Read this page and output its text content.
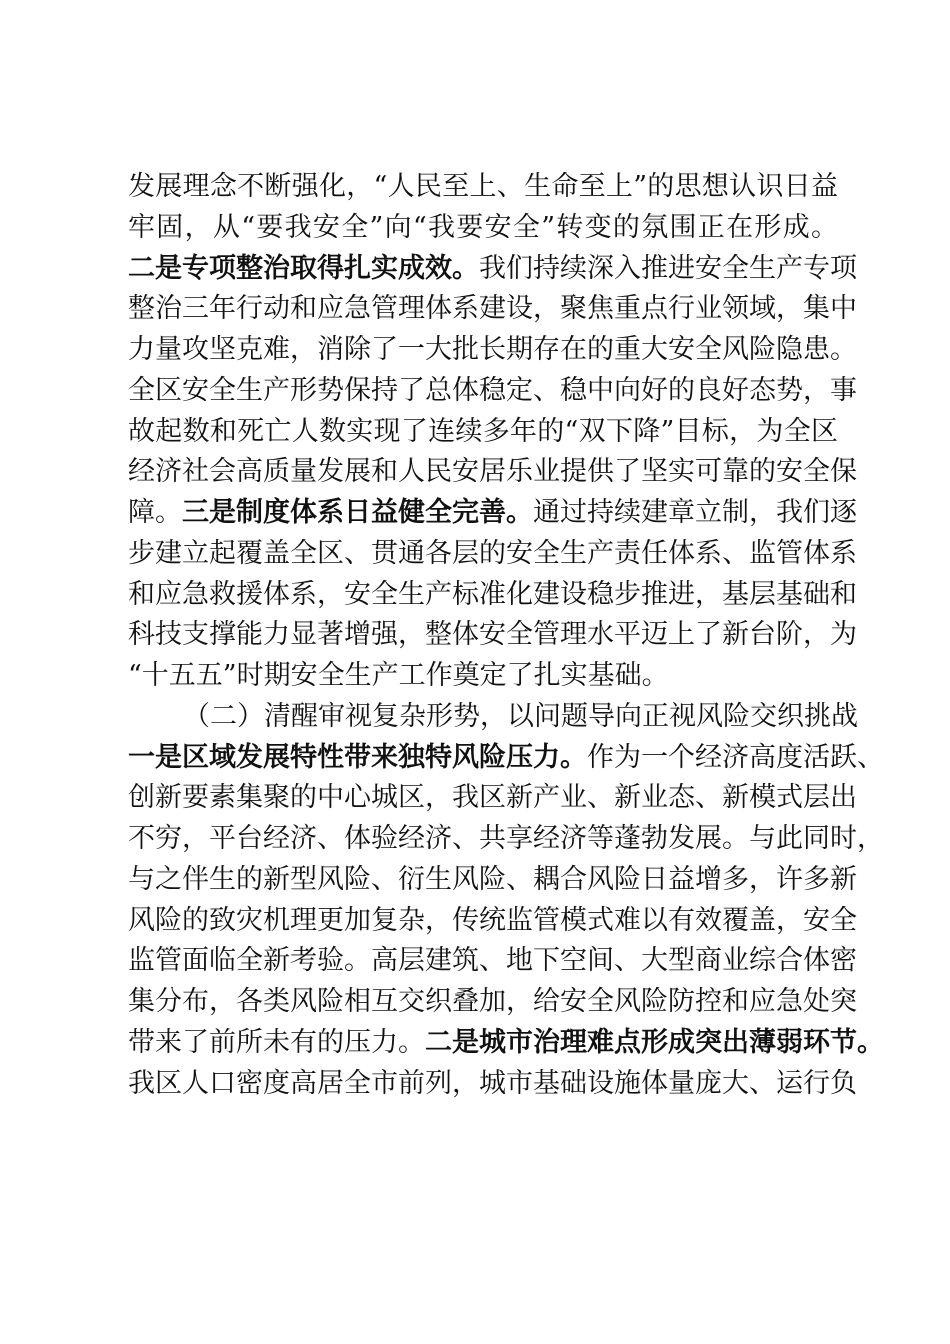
发展理念不断强化，“人民至上、生命至上”的思想认识日益
牢固，从“要我安全”向“我要安全”转变的氛围正在形成。
二是专项整治取得扎实成效。我们持续深入推进安全生产专项
整治三年行动和应急管理体系建设，聚焦重点行业领域，集中
力量攻坚克难，消除了一大批长期存在的重大安全风险隐患。
全区安全生产形势保持了总体稳定、稳中向好的良好态势，事
故起数和死亡人数实现了连续多年的“双下降”目标，为全区
经济社会高质量发展和人民安居乐业提供了坚实可靠的安全保
障。三是制度体系日益健全完善。通过持续建章立制，我们逐
步建立起覆盖全区、贯通各层的安全生产责任体系、监管体系
和应急救援体系，安全生产标准化建设稳步推进，基层基础和
科技支撑能力显著增强，整体安全管理水平迈上了新台阶，为
“十五五”时期安全生产工作奠定了扎实基础。
（二）清醒审视复杂形势，以问题导向正视风险交织挑战
一是区域发展特性带来独特风险压力。作为一个经济高度活跃、
创新要素集聚的中心城区，我区新产业、新业态、新模式层出
不穷，平台经济、体验经济、共享经济等蓬勃发展。与此同时，
与之伴生的新型风险、衍生风险、耦合风险日益增多，许多新
风险的致灾机理更加复杂，传统监管模式难以有效覆盖，安全
监管面临全新考验。高层建筑、地下空间、大型商业综合体密
集分布，各类风险相互交织叠加，给安全风险防控和应急处突
带来了前所未有的压力。二是城市治理难点形成突出薄弱环节。
我区人口密度高居全市前列，城市基础设施体量庞大、运行负
